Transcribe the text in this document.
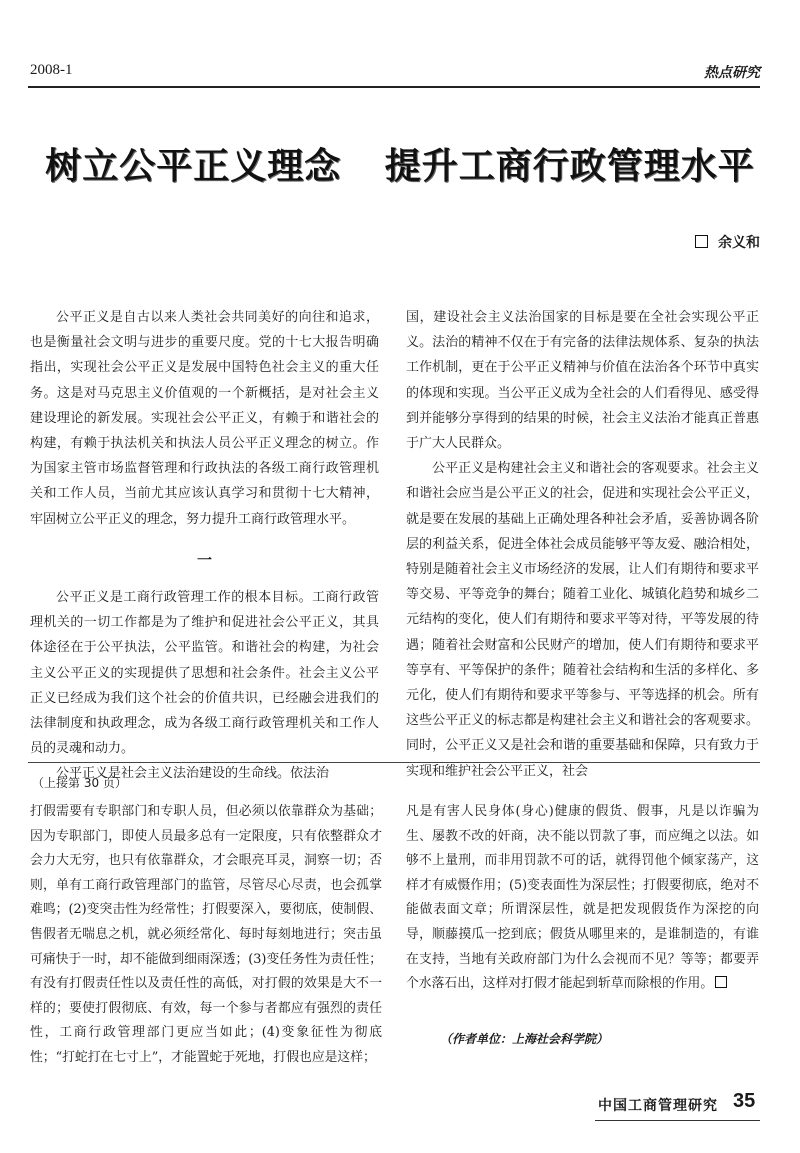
2008-1	热点研究
树立公平正义理念 提升工商行政管理水平
余义和

公平正义是自古以来人类社会共同美好的向往和追求，也是衡量社会文明与进步的重要尺度。党的十七大报告明确指出，实现社会公平正义是发展中国特色社会主义的重大任务。这是对马克思主义价值观的一个新概括，是对社会主义建设理论的新发展。实现社会公平正义，有赖于和谐社会的构建，有赖于执法机关和执法人员公平正义理念的树立。作为国家主管市场监督管理和行政执法的各级工商行政管理机关和工作人员，当前尤其应该认真学习和贯彻十七大精神，牢固树立公平正义的理念，努力提升工商行政管理水平。

一

公平正义是工商行政管理工作的根本目标。工商行政管理机关的一切工作都是为了维护和促进社会公平正义，其具体途径在于公平执法，公平监管。和谐社会的构建，为社会主义公平正义的实现提供了思想和社会条件。社会主义公平正义已经成为我们这个社会的价值共识，已经融会进我们的法律制度和执政理念，成为各级工商行政管理机关和工作人员的灵魂和动力。

公平正义是社会主义法治建设的生命线。依法治

国，建设社会主义法治国家的目标是要在全社会实现公平正义。法治的精神不仅在于有完备的法律法规体系、复杂的执法工作机制，更在于公平正义精神与价值在法治各个环节中真实的体现和实现。当公平正义成为全社会的人们看得见、感受得到并能够分享得到的结果的时候，社会主义法治才能真正普惠于广大人民群众。

公平正义是构建社会主义和谐社会的客观要求。社会主义和谐社会应当是公平正义的社会，促进和实现社会公平正义，就是要在发展的基础上正确处理各种社会矛盾，妥善协调各阶层的利益关系，促进全体社会成员能够平等友爱、融洽相处，特别是随着社会主义市场经济的发展，让人们有期待和要求平等交易、平等竞争的舞台；随着工业化、城镇化趋势和城乡二元结构的变化，使人们有期待和要求平等对待，平等发展的待遇；随着社会财富和公民财产的增加，使人们有期待和要求平等享有、平等保护的条件；随着社会结构和生活的多样化、多元化，使人们有期待和要求平等参与、平等选择的机会。所有这些公平正义的标志都是构建社会主义和谐社会的客观要求。同时，公平正义又是社会和谐的重要基础和保障，只有致力于实现和维护社会公平正义，社会

（上接第 30 页）

打假需要有专职部门和专职人员，但必须以依靠群众为基础；因为专职部门，即使人员最多总有一定限度，只有依整群众才会力大无穷，也只有依靠群众，才会眼亮耳灵，洞察一切；否则，单有工商行政管理部门的监管，尽管尽心尽责，也会孤掌难鸣；(2)变突击性为经常性；打假要深入，要彻底，使制假、售假者无喘息之机，就必须经常化、每时每刻地进行；突击虽可痛快于一时，却不能做到细雨深透；(3)变任务性为责任性；有没有打假责任性以及责任性的高低，对打假的效果是大不一样的；要使打假彻底、有效，每一个参与者都应有强烈的责任性，工商行政管理部门更应当如此；(4)变象征性为彻底性；“打蛇打在七寸上”，才能置蛇于死地，打假也应是这样；

凡是有害人民身体(身心)健康的假货、假事，凡是以诈骗为生、屡教不改的奸商，决不能以罚款了事，而应绳之以法。如够不上量刑，而非用罚款不可的话，就得罚他个倾家荡产，这样才有威慑作用；(5)变表面性为深层性；打假要彻底，绝对不能做表面文章；所谓深层性，就是把发现假货作为深挖的向导，顺藤摸瓜一挖到底；假货从哪里来的，是谁制造的，有谁在支持，当地有关政府部门为什么会视而不见？等等；都要弄个水落石出，这样对打假才能起到斩草而除根的作用。

（作者单位：上海社会科学院）
中国工商管理研究 35
